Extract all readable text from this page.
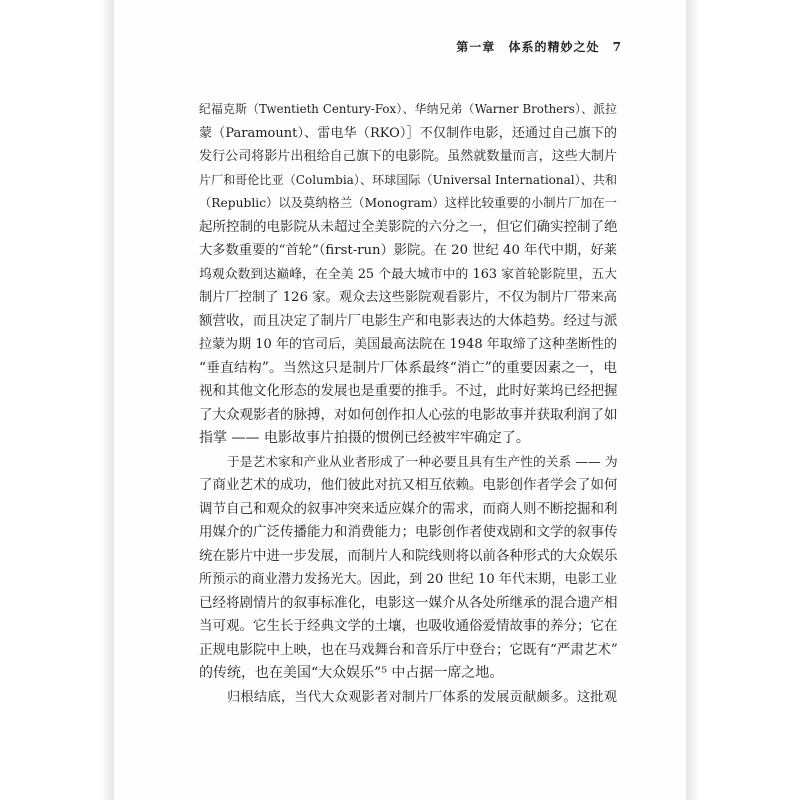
第一章 体系的精妙之处 7
纪福克斯（Twentieth Century-Fox）、华纳兄弟（Warner Brothers）、派拉
蒙（Paramount）、雷电华（RKO）］不仅制作电影，还通过自己旗下的
发行公司将影片出租给自己旗下的电影院。虽然就数量而言，这些大制片
片厂和哥伦比亚（Columbia）、环球国际（Universal International）、共和
（Republic）以及莫纳格兰（Monogram）这样比较重要的小制片厂加在一
起所控制的电影院从未超过全美影院的六分之一，但它们确实控制了绝
大多数重要的“首轮”（first-run）影院。在 20 世纪 40 年代中期，好莱
坞观众数到达巅峰，在全美 25 个最大城市中的 163 家首轮影院里，五大
制片厂控制了 126 家。观众去这些影院观看影片，不仅为制片厂带来高
额营收，而且决定了制片厂电影生产和电影表达的大体趋势。经过与派
拉蒙为期 10 年的官司后，美国最高法院在 1948 年取缔了这种垄断性的
“垂直结构”。当然这只是制片厂体系最终“消亡”的重要因素之一，电
视和其他文化形态的发展也是重要的推手。不过，此时好莱坞已经把握
了大众观影者的脉搏，对如何创作扣人心弦的电影故事并获取利润了如
指掌 —— 电影故事片拍摄的惯例已经被牢牢确定了。
于是艺术家和产业从业者形成了一种必要且具有生产性的关系 —— 为
了商业艺术的成功，他们彼此对抗又相互依赖。电影创作者学会了如何
调节自己和观众的叙事冲突来适应媒介的需求，而商人则不断挖掘和利
用媒介的广泛传播能力和消费能力；电影创作者使戏剧和文学的叙事传
统在影片中进一步发展，而制片人和院线则将以前各种形式的大众娱乐
所预示的商业潜力发扬光大。因此，到 20 世纪 10 年代末期，电影工业
已经将剧情片的叙事标准化，电影这一媒介从各处所继承的混合遗产相
当可观。它生长于经典文学的土壤，也吸收通俗爱情故事的养分；它在
正规电影院中上映，也在马戏舞台和音乐厅中登台；它既有“严肃艺术”
的传统，也在美国“大众娱乐”⁵ 中占据一席之地。
归根结底，当代大众观影者对制片厂体系的发展贡献颇多。这批观
